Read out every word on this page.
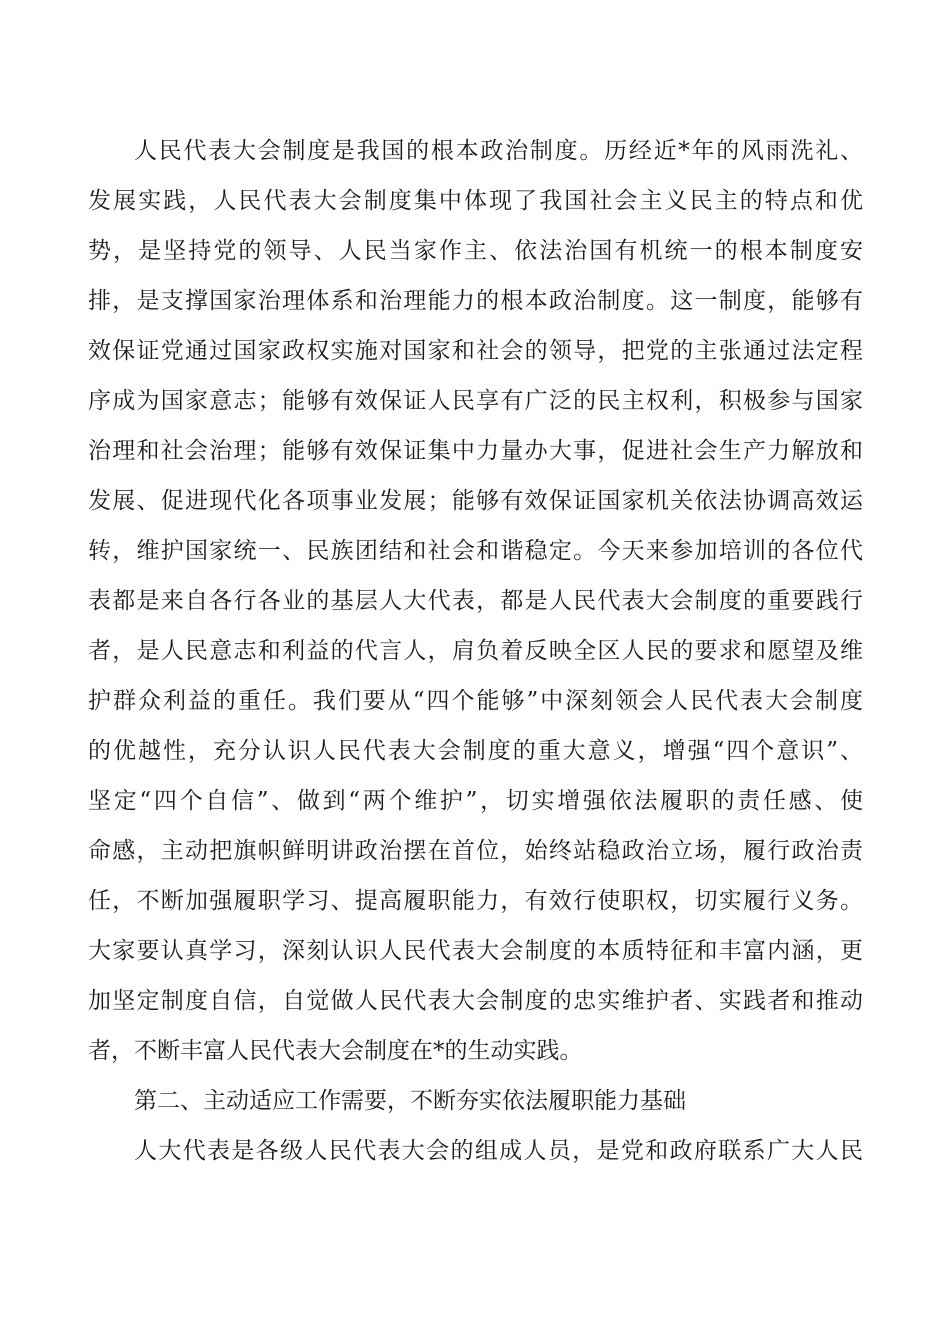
人民代表大会制度是我国的根本政治制度。历经近*年的风雨洗礼、
发展实践，人民代表大会制度集中体现了我国社会主义民主的特点和优
势，是坚持党的领导、人民当家作主、依法治国有机统一的根本制度安
排，是支撑国家治理体系和治理能力的根本政治制度。这一制度，能够有
效保证党通过国家政权实施对国家和社会的领导，把党的主张通过法定程
序成为国家意志；能够有效保证人民享有广泛的民主权利，积极参与国家
治理和社会治理；能够有效保证集中力量办大事，促进社会生产力解放和
发展、促进现代化各项事业发展；能够有效保证国家机关依法协调高效运
转，维护国家统一、民族团结和社会和谐稳定。今天来参加培训的各位代
表都是来自各行各业的基层人大代表，都是人民代表大会制度的重要践行
者，是人民意志和利益的代言人，肩负着反映全区人民的要求和愿望及维
护群众利益的重任。我们要从“四个能够”中深刻领会人民代表大会制度
的优越性，充分认识人民代表大会制度的重大意义，增强“四个意识”、
坚定“四个自信”、做到“两个维护”，切实增强依法履职的责任感、使
命感，主动把旗帜鲜明讲政治摆在首位，始终站稳政治立场，履行政治责
任，不断加强履职学习、提高履职能力，有效行使职权，切实履行义务。
大家要认真学习，深刻认识人民代表大会制度的本质特征和丰富内涵，更
加坚定制度自信，自觉做人民代表大会制度的忠实维护者、实践者和推动
者，不断丰富人民代表大会制度在*的生动实践。
第二、主动适应工作需要，不断夯实依法履职能力基础
人大代表是各级人民代表大会的组成人员，是党和政府联系广大人民
